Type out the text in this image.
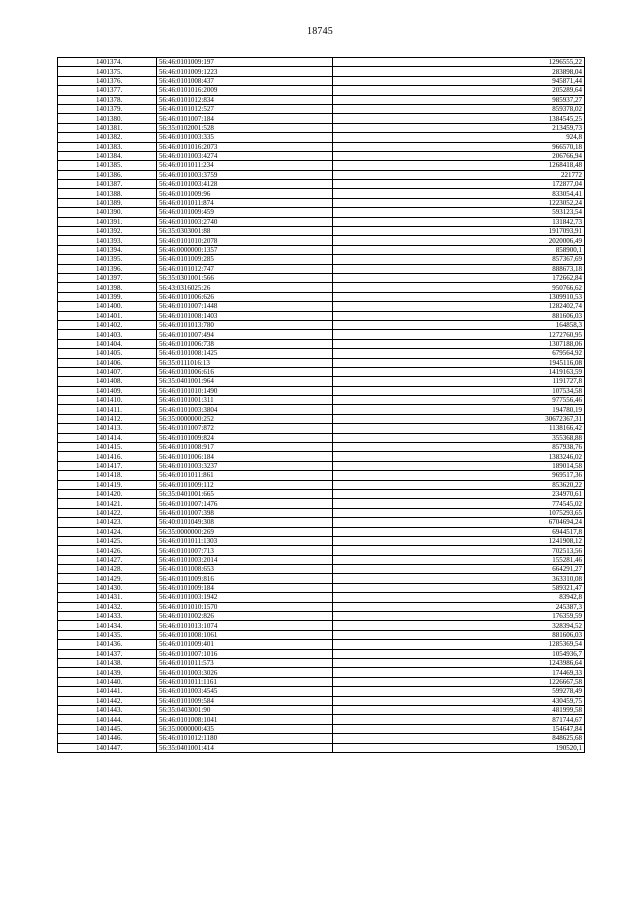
18745
1401374.	56:46:0101009:197	1296555,22
1401375.	56:46:0101009:1223	283898,04
1401376.	56:46:0101008:437	945871,44
1401377.	56:46:0101016:2009	205289,64
1401378.	56:46:0101012:834	985937,27
1401379.	56:46:0101012:527	859378,02
1401380.	56:46:0101007:184	1384545,25
1401381.	56:35:0102001:528	213459,73
1401382.	56:46:0101003:335	924,8
1401383.	56:46:0101016:2073	966570,18
1401384.	56:46:0101003:4274	206766,94
1401385.	56:46:0101011:234	1268418,48
1401386.	56:46:0101003:3759	221772
1401387.	56:46:0101003:4128	172877,04
1401388.	56:46:0101009:96	833054,41
1401389.	56:46:0101011:874	1223052,24
1401390.	56:46:0101009:459	593123,54
1401391.	56:46:0101003:2740	131842,73
1401392.	56:35:0303001:88	1917093,91
1401393.	56:46:0101010:2078	2020006,49
1401394.	56:46:0000000:1357	858900,1
1401395.	56:46:0101009:285	857367,69
1401396.	56:46:0101012:747	888673,18
1401397.	56:35:0301001:566	172662,84
1401398.	56:43:0316025:26	950766,62
1401399.	56:46:0101006:626	1309910,53
1401400.	56:46:0101007:1448	1282402,74
1401401.	56:46:0101008:1403	881606,03
1401402.	56:46:0101013:780	164858,3
1401403.	56:46:0101007:494	1272760,95
1401404.	56:46:0101006:738	1307188,06
1401405.	56:46:0101008:1425	679564,92
1401406.	56:35:0111016:13	1945116,08
1401407.	56:46:0101006:616	1419163,59
1401408.	56:35:0401001:964	1191727,8
1401409.	56:46:0101010:1490	107534,58
1401410.	56:46:0101001:311	977556,46
1401411.	56:46:0101003:3804	194780,19
1401412.	56:35:0000000:252	30672367,31
1401413.	56:46:0101007:872	1138166,42
1401414.	56:46:0101009:824	355368,88
1401415.	56:46:0101008:917	857938,76
1401416.	56:46:0101006:184	1383246,02
1401417.	56:46:0101003:3237	189014,58
1401418.	56:46:0101011:861	969517,36
1401419.	56:46:0101009:112	853620,22
1401420.	56:35:0401001:665	234970,61
1401421.	56:46:0101007:1476	774545,02
1401422.	56:46:0101007:398	1075293,65
1401423.	56:40:0101049:308	6704694,24
1401424.	56:35:0000000:269	6944517,8
1401425.	56:46:0101011:1303	1241908,12
1401426.	56:46:0101007:713	702513,56
1401427.	56:46:0101003:2014	155281,46
1401428.	56:46:0101008:653	664291,27
1401429.	56:46:0101009:816	363310,08
1401430.	56:46:0101009:184	589321,47
1401431.	56:46:0101003:1942	83942,8
1401432.	56:46:0101010:1570	245387,3
1401433.	56:46:0101002:826	176359,59
1401434.	56:46:0101013:1074	328394,52
1401435.	56:46:0101008:1061	881606,03
1401436.	56:46:0101009:401	1285369,54
1401437.	56:46:0101007:1016	1054936,7
1401438.	56:46:0101011:573	1243986,64
1401439.	56:46:0101003:3026	174469,33
1401440.	56:46:0101011:1161	1226667,58
1401441.	56:46:0101003:4545	599278,49
1401442.	56:46:0101009:584	430459,75
1401443.	56:35:0403001:90	481999,58
1401444.	56:46:0101008:1041	871744,67
1401445.	56:35:0000000:435	154647,84
1401446.	56:46:0101012:1180	848625,68
1401447.	56:35:0401001:414	190520,1
